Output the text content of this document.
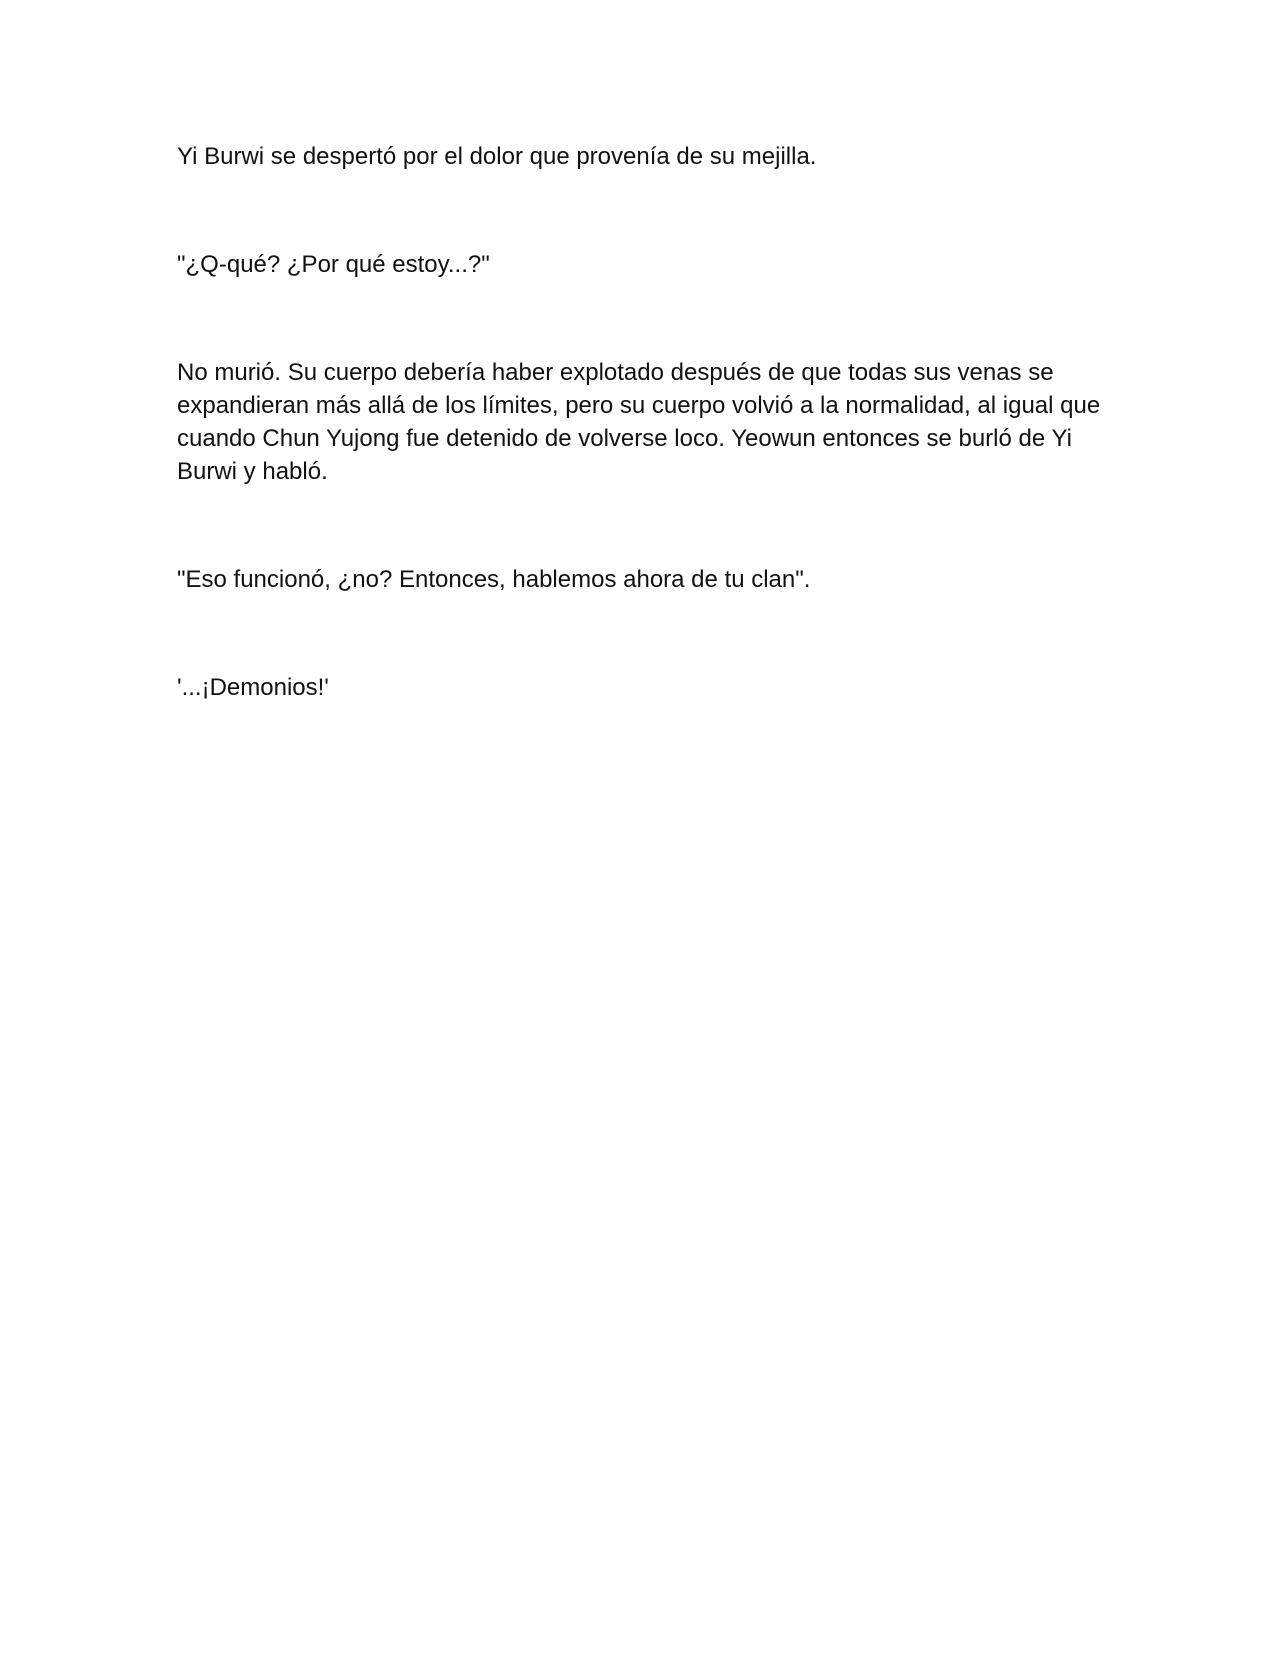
Yi Burwi se despertó por el dolor que provenía de su mejilla.

"¿Q-qué? ¿Por qué estoy...?"

No murió. Su cuerpo debería haber explotado después de que todas sus venas se expandieran más allá de los límites, pero su cuerpo volvió a la normalidad, al igual que cuando Chun Yujong fue detenido de volverse loco. Yeowun entonces se burló de Yi Burwi y habló.

"Eso funcionó, ¿no? Entonces, hablemos ahora de tu clan".

'...¡Demonios!'
